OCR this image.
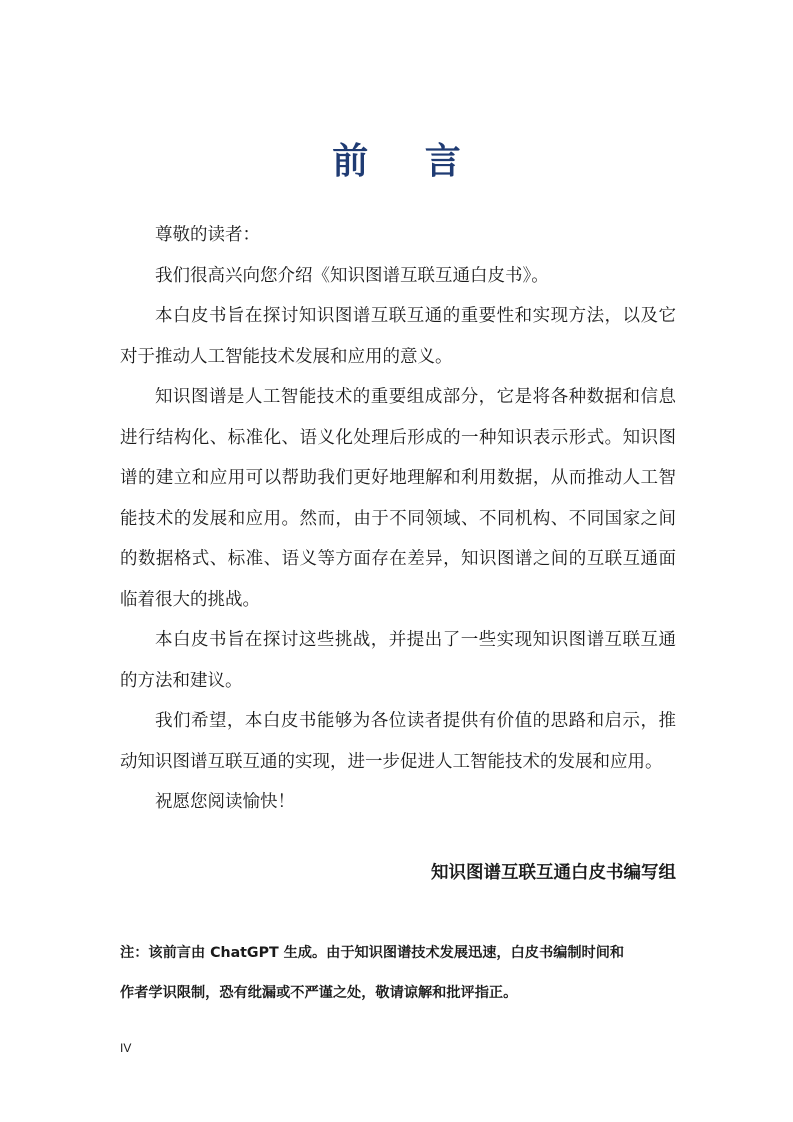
前 言

尊敬的读者：

我们很高兴向您介绍《知识图谱互联互通白皮书》。

本白皮书旨在探讨知识图谱互联互通的重要性和实现方法，以及它对于推动人工智能技术发展和应用的意义。

知识图谱是人工智能技术的重要组成部分，它是将各种数据和信息进行结构化、标准化、语义化处理后形成的一种知识表示形式。知识图谱的建立和应用可以帮助我们更好地理解和利用数据，从而推动人工智能技术的发展和应用。然而，由于不同领域、不同机构、不同国家之间的数据格式、标准、语义等方面存在差异，知识图谱之间的互联互通面临着很大的挑战。

本白皮书旨在探讨这些挑战，并提出了一些实现知识图谱互联互通的方法和建议。

我们希望，本白皮书能够为各位读者提供有价值的思路和启示，推动知识图谱互联互通的实现，进一步促进人工智能技术的发展和应用。

祝愿您阅读愉快！

知识图谱互联互通白皮书编写组

注：该前言由 ChatGPT 生成。由于知识图谱技术发展迅速，白皮书编制时间和

作者学识限制，恐有纰漏或不严谨之处，敬请谅解和批评指正。

IV
